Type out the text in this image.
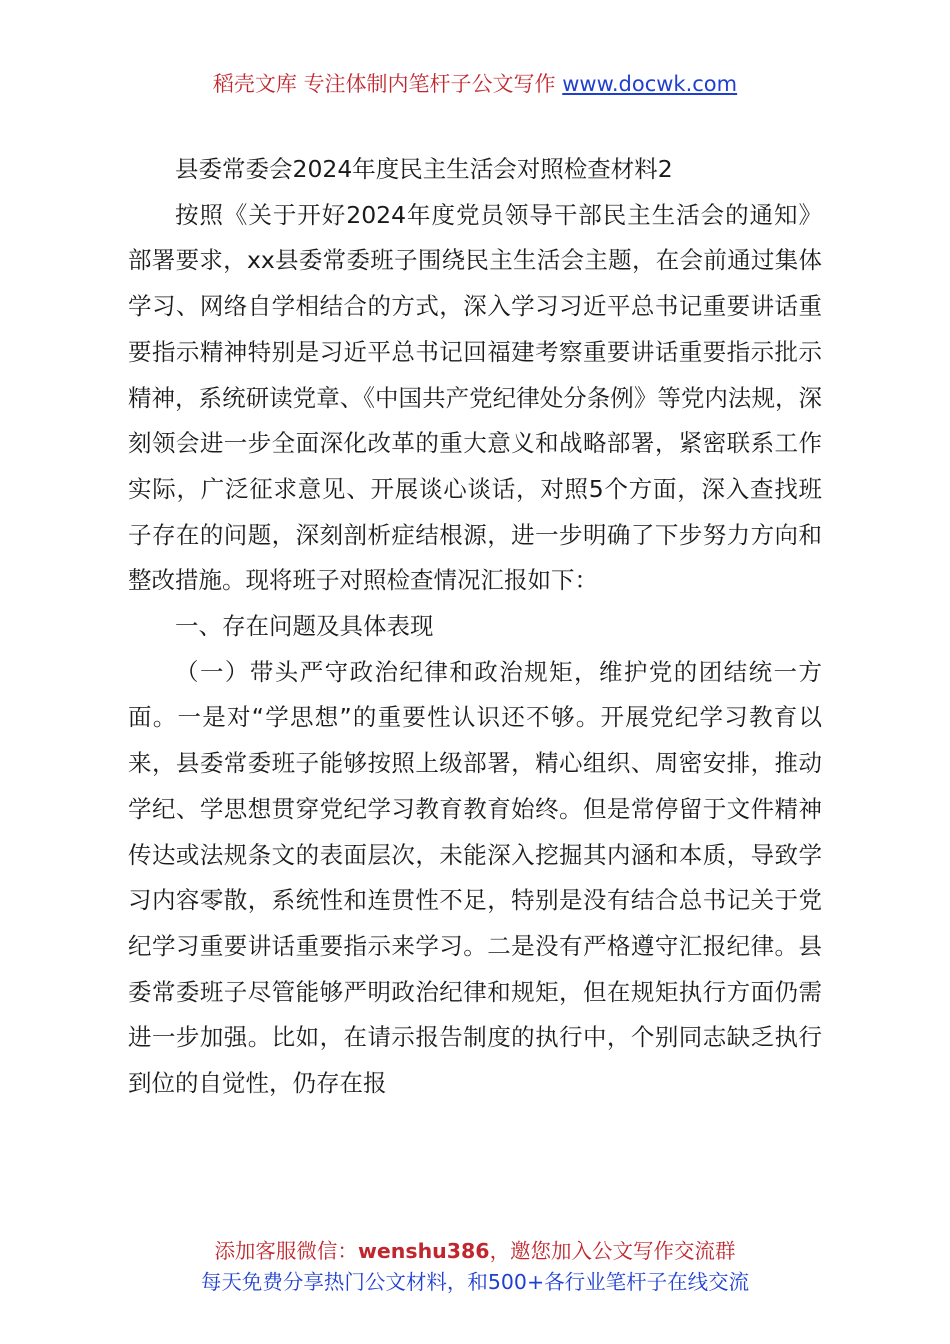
稻壳文库 专注体制内笔杆子公文写作 www.docwk.com

县委常委会2024年度民主生活会对照检查材料2

按照《关于开好2024年度党员领导干部民主生活会的通知》部署要求，xx县委常委班子围绕民主生活会主题，在会前通过集体学习、网络自学相结合的方式，深入学习习近平总书记重要讲话重要指示精神特别是习近平总书记回福建考察重要讲话重要指示批示精神，系统研读党章、《中国共产党纪律处分条例》等党内法规，深刻领会进一步全面深化改革的重大意义和战略部署，紧密联系工作实际，广泛征求意见、开展谈心谈话，对照5个方面，深入查找班子存在的问题，深刻剖析症结根源，进一步明确了下步努力方向和整改措施。现将班子对照检查情况汇报如下：

一、存在问题及具体表现

（一）带头严守政治纪律和政治规矩，维护党的团结统一方面。一是对“学思想”的重要性认识还不够。开展党纪学习教育以来，县委常委班子能够按照上级部署，精心组织、周密安排，推动学纪、学思想贯穿党纪学习教育教育始终。但是常停留于文件精神传达或法规条文的表面层次，未能深入挖掘其内涵和本质，导致学习内容零散，系统性和连贯性不足，特别是没有结合总书记关于党纪学习重要讲话重要指示来学习。二是没有严格遵守汇报纪律。县委常委班子尽管能够严明政治纪律和规矩，但在规矩执行方面仍需进一步加强。比如，在请示报告制度的执行中，个别同志缺乏执行到位的自觉性，仍存在报

添加客服微信：wenshu386，邀您加入公文写作交流群
每天免费分享热门公文材料，和500+各行业笔杆子在线交流
